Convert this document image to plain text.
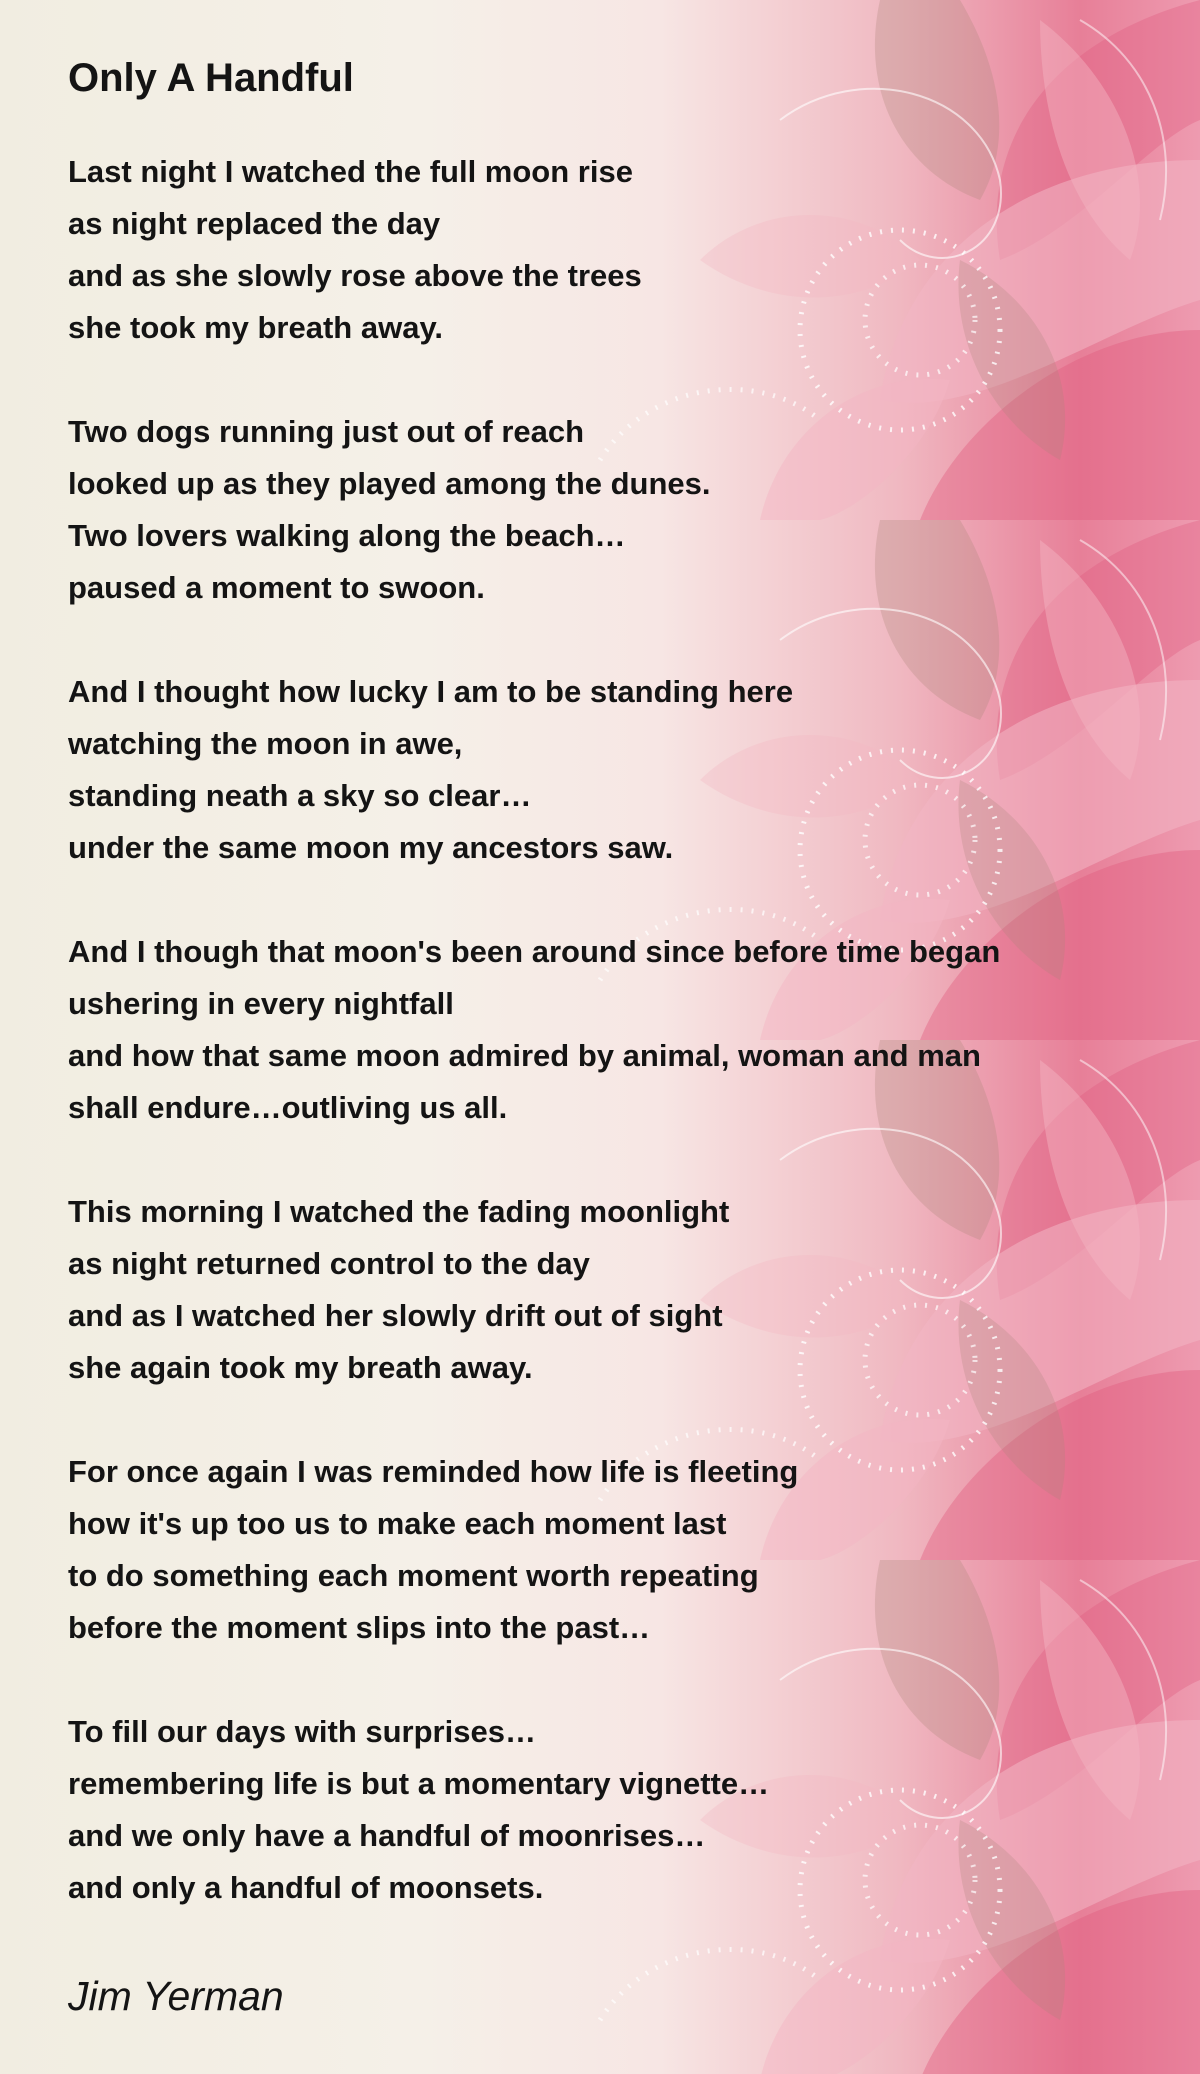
Only A Handful
Last night I watched the full moon rise
as night replaced the day
and as she slowly rose above the trees
she took my breath away.
Two dogs running just out of reach
looked up as they played among the dunes.
Two lovers walking along the beach…
paused a moment to swoon.
And I thought how lucky I am to be standing here
watching the moon in awe,
standing neath a sky so clear…
under the same moon my ancestors saw.
And I though that moon's been around since before time began
ushering in every nightfall
and how that same moon admired by animal, woman and man
shall endure…outliving us all.
This morning I watched the fading moonlight
as night returned control to the day
and as I watched her slowly drift out of sight
she again took my breath away.
For once again I was reminded how life is fleeting
how it's up too us to make each moment last
to do something each moment worth repeating
before the moment slips into the past…
To fill our days with surprises…
remembering life is but a momentary vignette…
and we only have a handful of moonrises…
and only a handful of moonsets.
Jim Yerman
